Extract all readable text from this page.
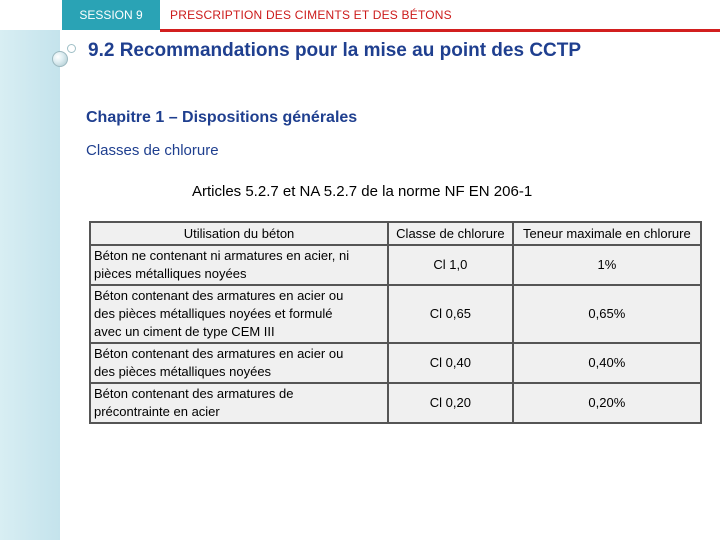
SESSION 9	PRESCRIPTION DES CIMENTS ET DES BÉTONS
9.2 Recommandations pour la mise au point des CCTP
Chapitre 1 – Dispositions générales
Classes de chlorure
Articles 5.2.7 et NA 5.2.7 de la norme NF EN 206-1
Utilisation du béton	Classe de chlorure	Teneur maximale en chlorure

Béton ne contenant ni armatures en acier, ni
pièces métalliques noyées	Cl 1,0	1%

Béton contenant des armatures en acier ou
des pièces métalliques noyées et formulé
avec un ciment de type CEM III	Cl 0,65	0,65%

Béton contenant des armatures en acier ou
des pièces métalliques noyées	Cl 0,40	0,40%

Béton contenant des armatures de
précontrainte en acier	Cl 0,20	0,20%
